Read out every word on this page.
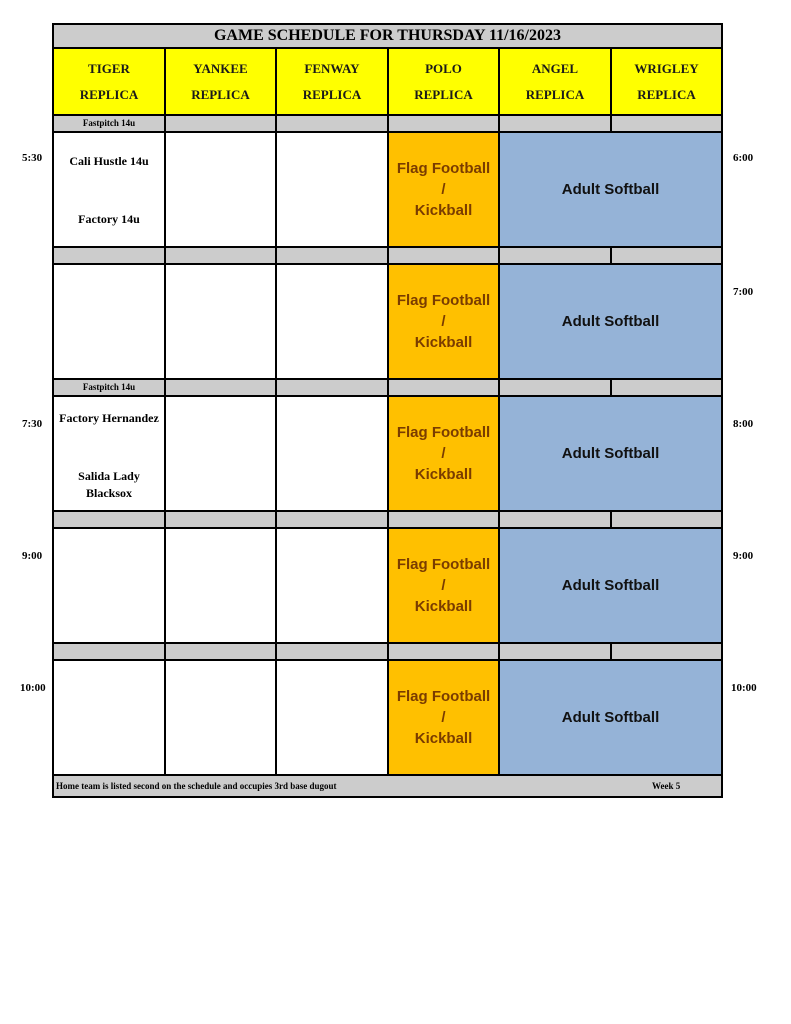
GAME SCHEDULE FOR THURSDAY 11/16/2023
TIGER
REPLICA
YANKEE
REPLICA
FENWAY
REPLICA
POLO
REPLICA
ANGEL
REPLICA
WRIGLEY
REPLICA
Fastpitch 14u
Cali Hustle 14u
Factory 14u
Flag Football
/
Kickball
Adult Softball
Flag Football
/
Kickball
Adult Softball
Fastpitch 14u
Factory Hernandez
Salida Lady Blacksox
Flag Football
/
Kickball
Adult Softball
Flag Football
/
Kickball
Adult Softball
Flag Football
/
Kickball
Adult Softball
Home team is listed second on the schedule and occupies 3rd base dugout	Week 5
5:30
7:30
9:00
10:00
6:00
7:00
8:00
9:00
10:00
